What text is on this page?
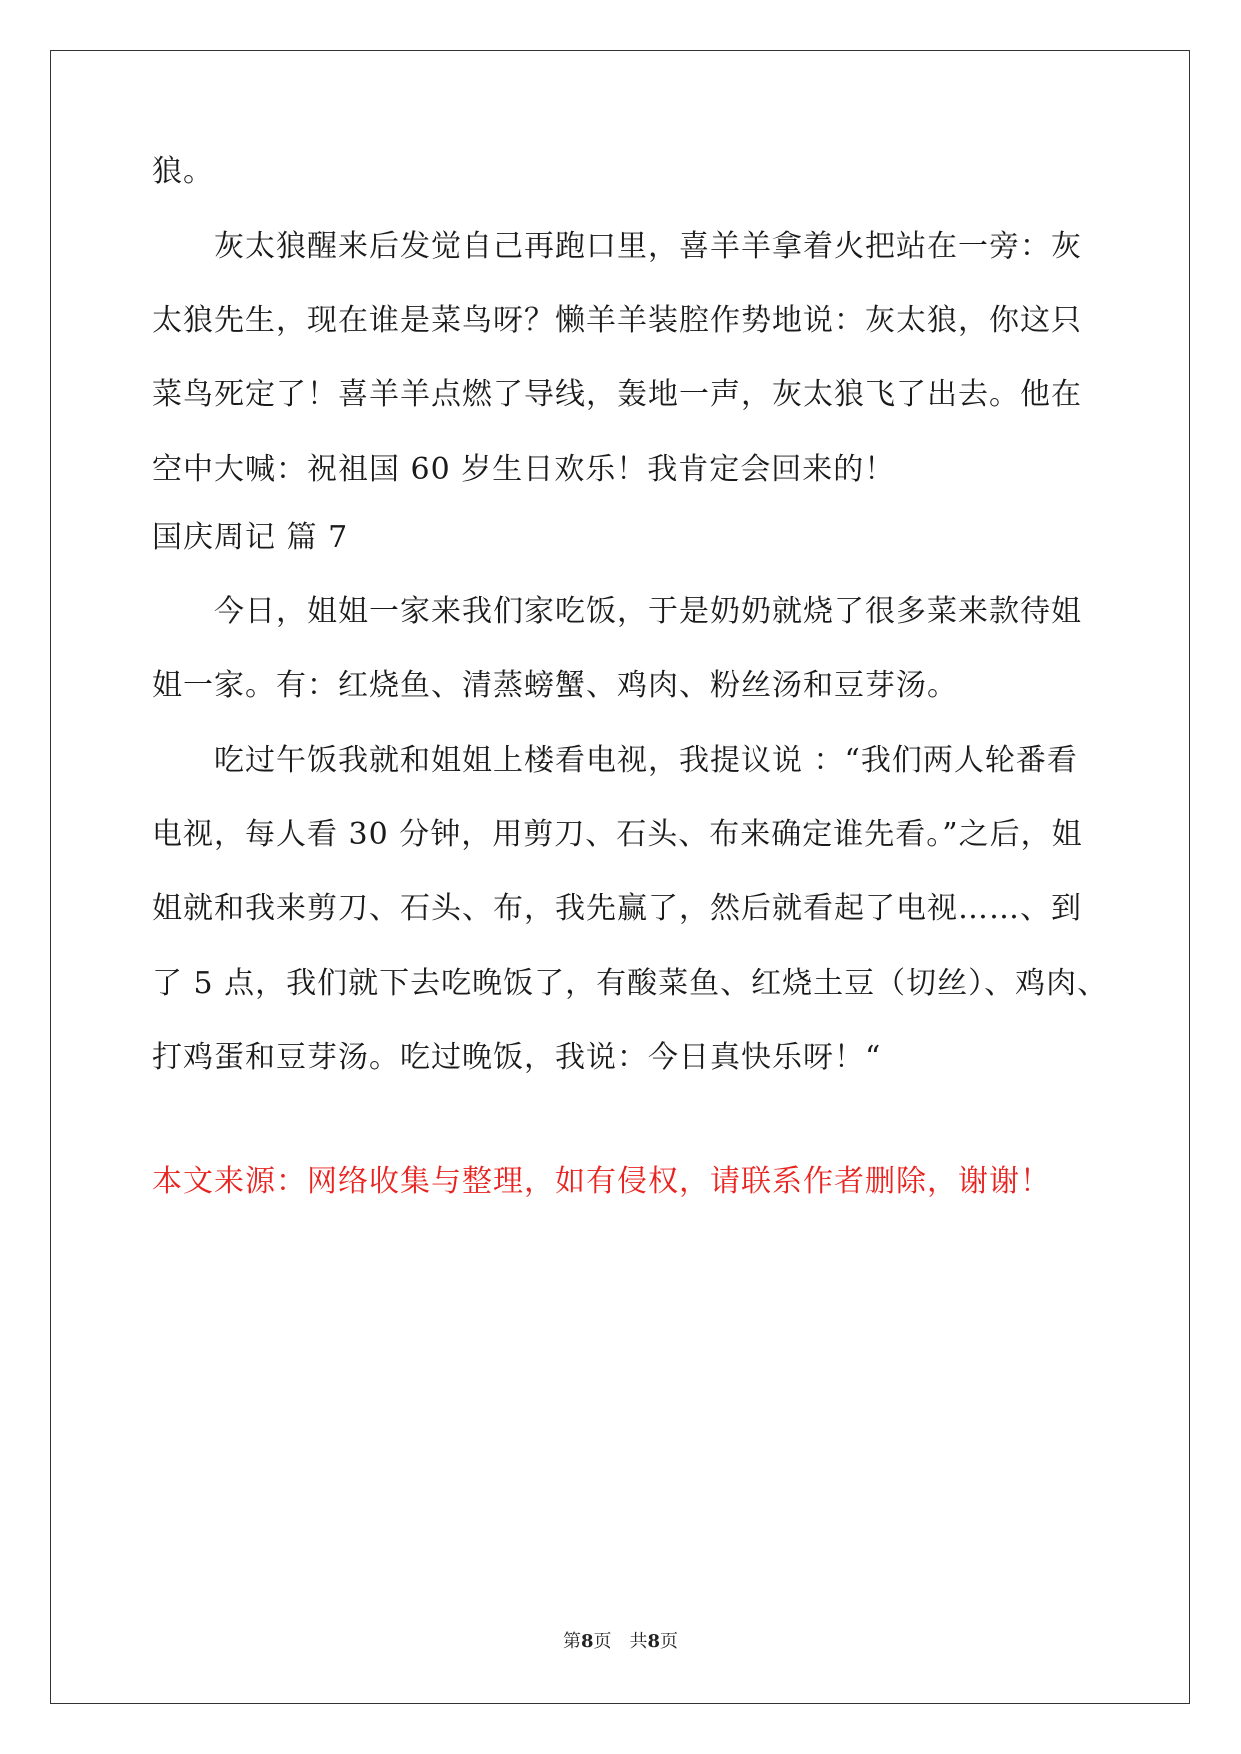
狼。
灰太狼醒来后发觉自己再跑口里，喜羊羊拿着火把站在一旁：灰
太狼先生，现在谁是菜鸟呀？懒羊羊装腔作势地说：灰太狼，你这只
菜鸟死定了！喜羊羊点燃了导线，轰地一声，灰太狼飞了出去。他在
空中大喊：祝祖国 60 岁生日欢乐！我肯定会回来的！
国庆周记 篇 7
今日，姐姐一家来我们家吃饭，于是奶奶就烧了很多菜来款待姐
姐一家。有：红烧鱼、清蒸螃蟹、鸡肉、粉丝汤和豆芽汤。
吃过午饭我就和姐姐上楼看电视，我提议说 ：“我们两人轮番看
电视，每人看 30 分钟，用剪刀、石头、布来确定谁先看。”之后，姐
姐就和我来剪刀、石头、布，我先赢了，然后就看起了电视……、到
了 5 点，我们就下去吃晚饭了，有酸菜鱼、红烧土豆（切丝）、鸡肉、
打鸡蛋和豆芽汤。吃过晚饭，我说：今日真快乐呀！“
本文来源：网络收集与整理，如有侵权，请联系作者删除，谢谢！
第8页　共8页
